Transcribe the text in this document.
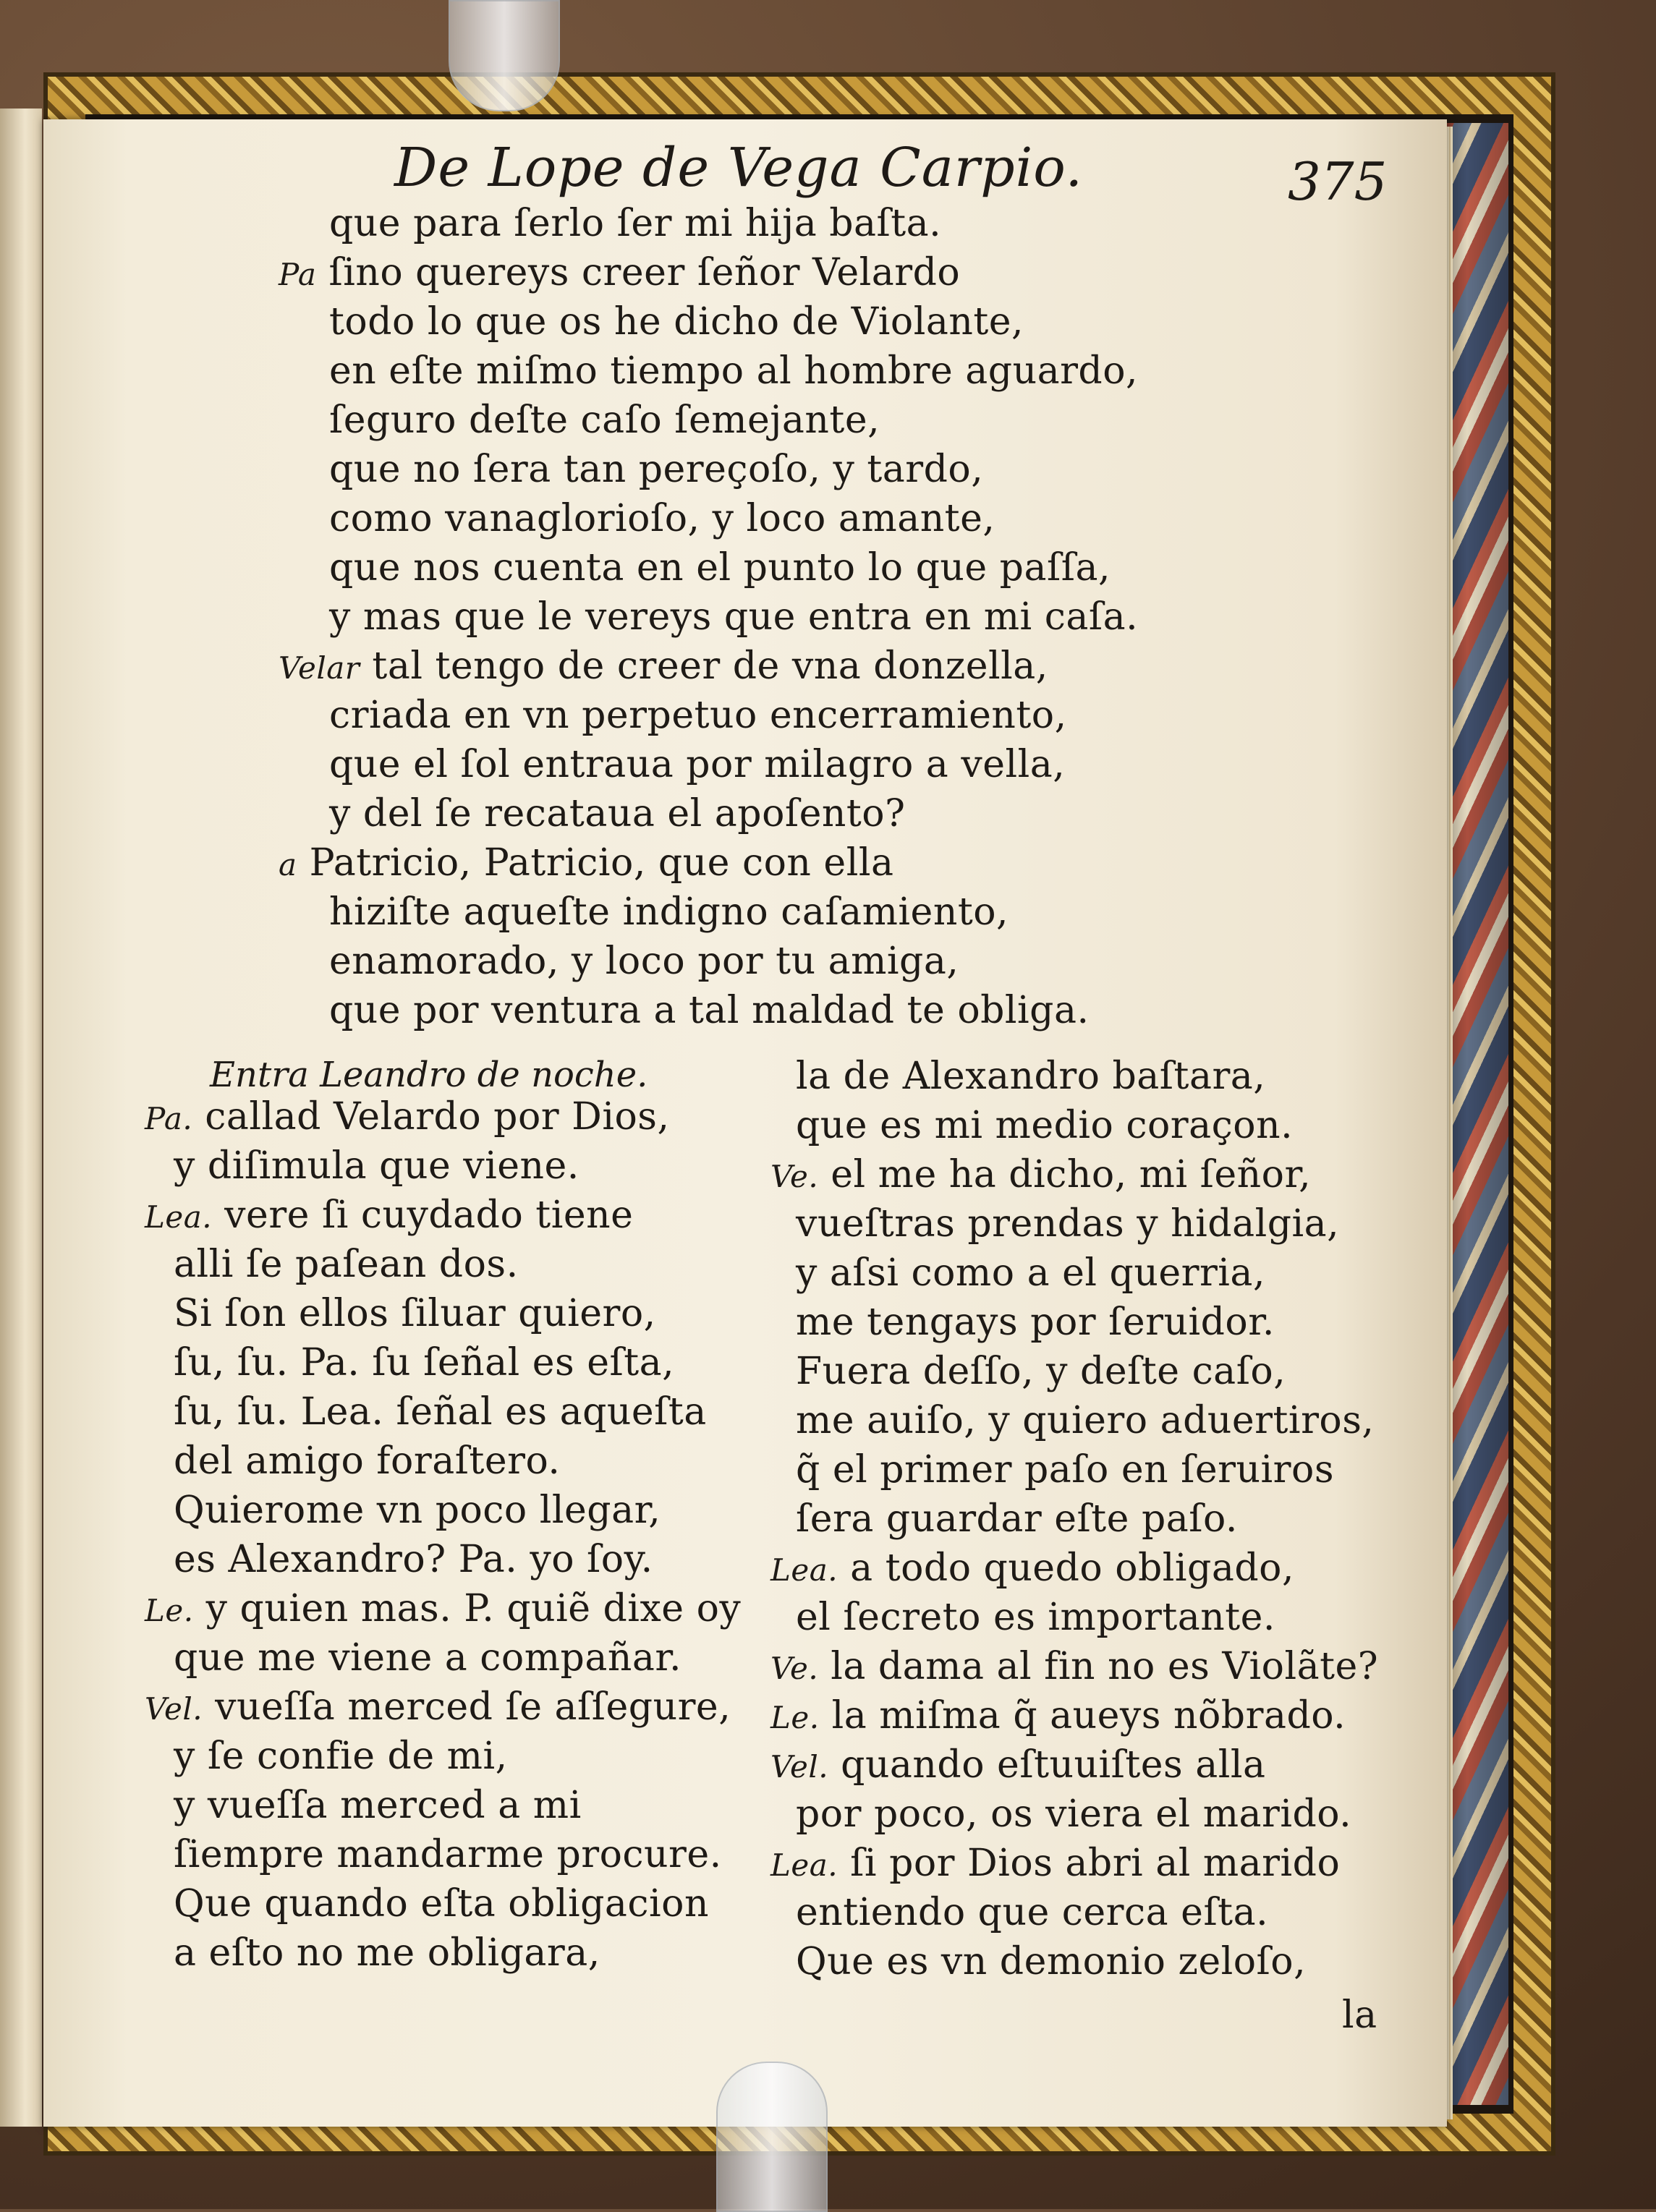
De Lope de Vega Carpio.	375
que para ſerlo ſer mi hija baſta.
Pa ſino quereys creer ſeñor Velardo
todo lo que os he dicho de Violante,
en eſte miſmo tiempo al hombre aguardo,
ſeguro deſte caſo ſemejante,
que no ſera tan pereçoſo, y tardo,
como vanaglorioſo, y loco amante,
que nos cuenta en el punto lo que paſſa,
y mas que le vereys que entra en mi caſa.
Velar tal tengo de creer de vna donzella,
criada en vn perpetuo encerramiento,
que el ſol entraua por milagro a vella,
y del ſe recataua el apoſento?
a Patricio, Patricio, que con ella
hiziſte aqueſte indigno caſamiento,
enamorado, y loco por tu amiga,
que por ventura a tal maldad te obliga.
Entra Leandro de noche.
Pa. callad Velardo por Dios,
y diſimula que viene.
Lea. vere ſi cuydado tiene
alli ſe paſean dos.
Si ſon ellos ſiluar quiero,
ſu, ſu. Pa. ſu ſeñal es eſta,
ſu, ſu. Lea. ſeñal es aqueſta
del amigo foraſtero.
Quierome vn poco llegar,
es Alexandro? Pa. yo ſoy.
Le. y quien mas. P. quiẽ dixe oy
que me viene a compañar.
Vel. vueſſa merced ſe aſſegure,
y ſe confie de mi,
y vueſſa merced a mi
ſiempre mandarme procure.
Que quando eſta obligacion
a eſto no me obligara,
la de Alexandro baſtara,
que es mi medio coraçon.
Ve. el me ha dicho, mi ſeñor,
vueſtras prendas y hidalgia,
y aſsi como a el querria,
me tengays por ſeruidor.
Fuera deſſo, y deſte caſo,
me auiſo, y quiero aduertiros,
q̃ el primer paſo en ſeruiros
ſera guardar eſte paſo.
Lea. a todo quedo obligado,
el ſecreto es importante.
Ve. la dama al fin no es Violãte?
Le. la miſma q̃ aueys nõbrado.
Vel. quando eſtuuiſtes alla
por poco, os viera el marido.
Lea. ſi por Dios abri al marido
entiendo que cerca eſta.
Que es vn demonio zeloſo,
la
